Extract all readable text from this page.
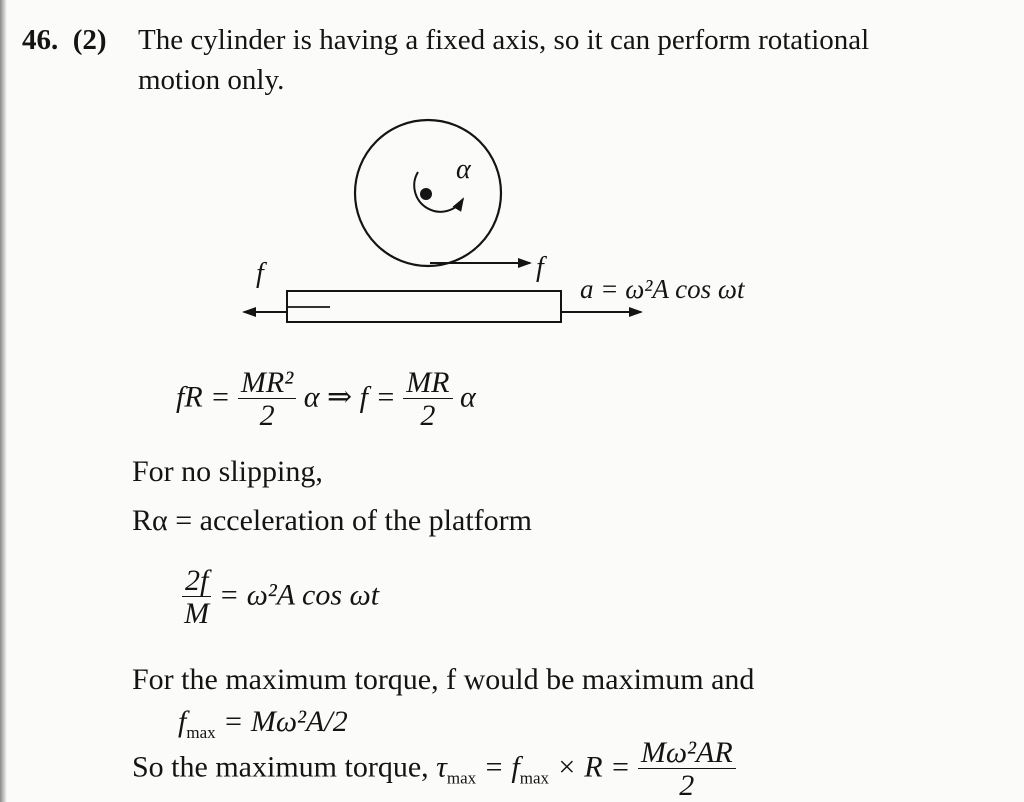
46. (2) The cylinder is having a fixed axis, so it can perform rotational
motion only.
α
f
f	a = ω²A cos ωt
fR = $\frac{\text{MR²}}{2}$ α ⇒ $f = \frac{MR}{2}$ α
For no slipping,
Rα = acceleration of the platform
$\frac{2f}{M} = \omega^2A$ cos ωt
For the maximum torque, f would be maximum and
$f_{max} = M\omega^2A/2$
So the maximum torque, $\tau_{max} = f_{max} \times R = \frac{\text{Mω²AR}}{2}$
